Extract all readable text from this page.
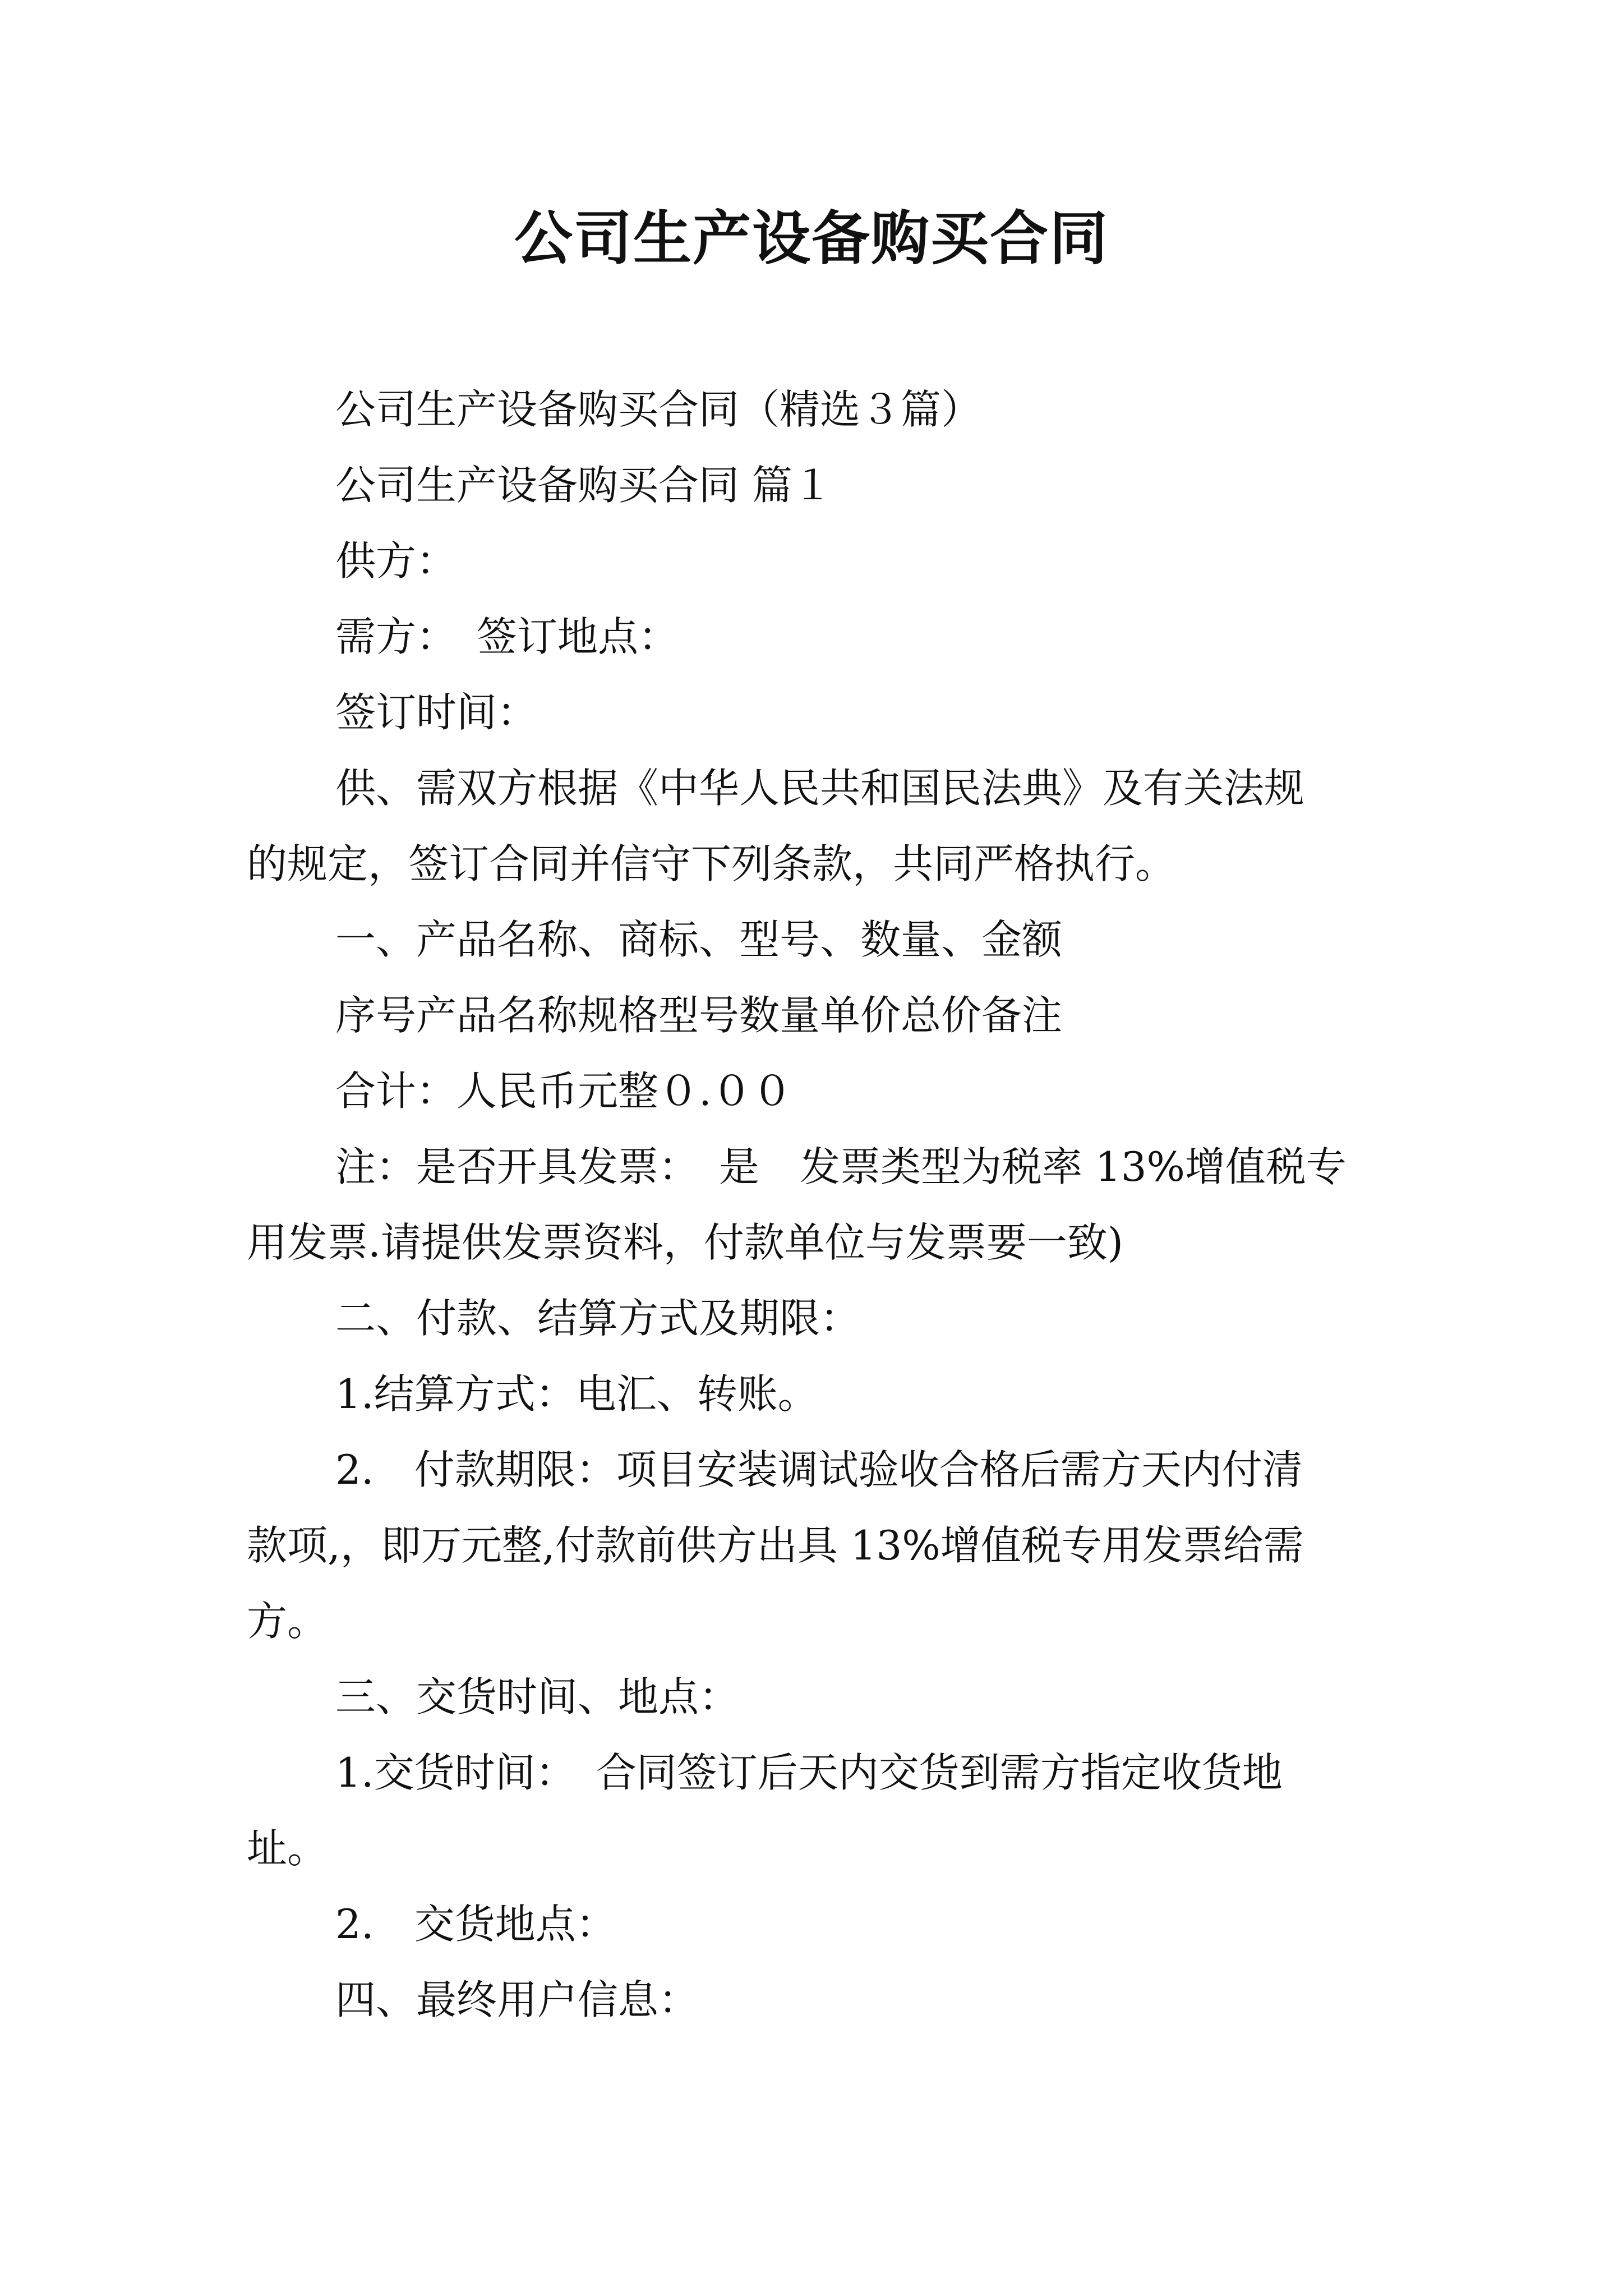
公司生产设备购买合同
公司生产设备购买合同（精选３篇）
公司生产设备购买合同 篇１
供方：
需方：　签订地点：
签订时间：
供、需双方根据《中华人民共和国民法典》及有关法规
的规定，签订合同并信守下列条款，共同严格执行。
一、产品名称、商标、型号、数量、金额
序号产品名称规格型号数量单价总价备注
合计：人民币元整０.００
注：是否开具发票：　是　发票类型为税率 13%增值税专
用发票.请提供发票资料，付款单位与发票要一致)
二、付款、结算方式及期限：
1.结算方式：电汇、转账。
2.　付款期限：项目安装调试验收合格后需方天内付清
款项,，即万元整,付款前供方出具 13%增值税专用发票给需
方。
三、交货时间、地点：
1.交货时间：　合同签订后天内交货到需方指定收货地
址。
2.　交货地点：
四、最终用户信息：
